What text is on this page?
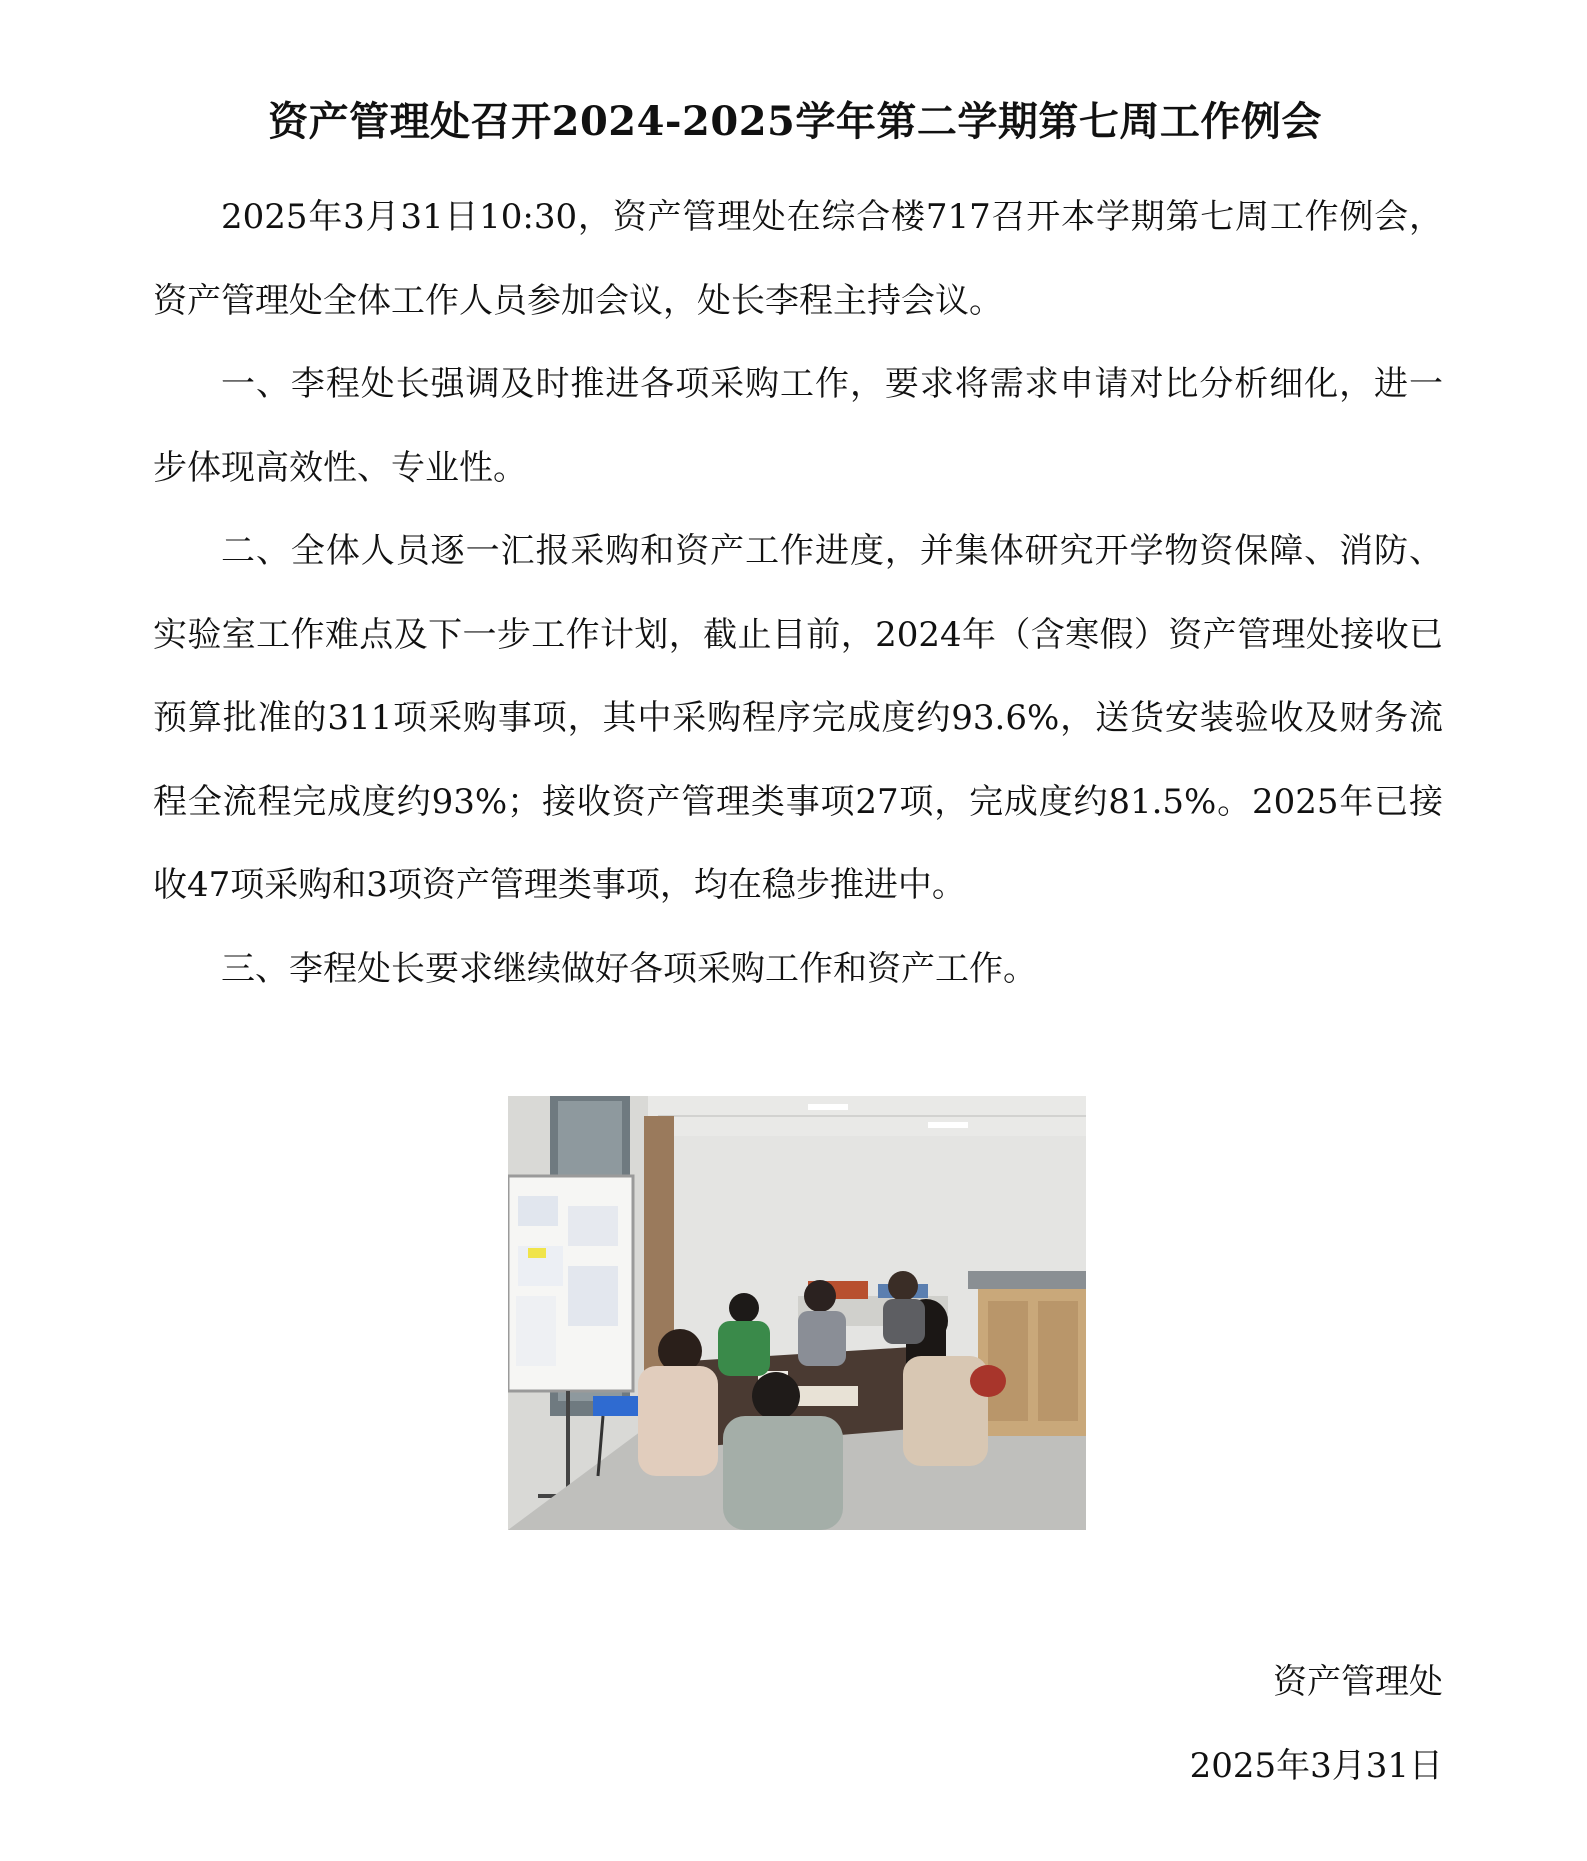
资产管理处召开2024-2025学年第二学期第七周工作例会

2025年3月31日10:30，资产管理处在综合楼717召开本学期第七周工作例会，资产管理处全体工作人员参加会议，处长李程主持会议。

一、李程处长强调及时推进各项采购工作，要求将需求申请对比分析细化，进一步体现高效性、专业性。

二、全体人员逐一汇报采购和资产工作进度，并集体研究开学物资保障、消防、实验室工作难点及下一步工作计划，截止目前，2024年（含寒假）资产管理处接收已预算批准的311项采购事项，其中采购程序完成度约93.6%，送货安装验收及财务流程全流程完成度约93%；接收资产管理类事项27项，完成度约81.5%。2025年已接收47项采购和3项资产管理类事项，均在稳步推进中。

三、李程处长要求继续做好各项采购工作和资产工作。

资产管理处
2025年3月31日
